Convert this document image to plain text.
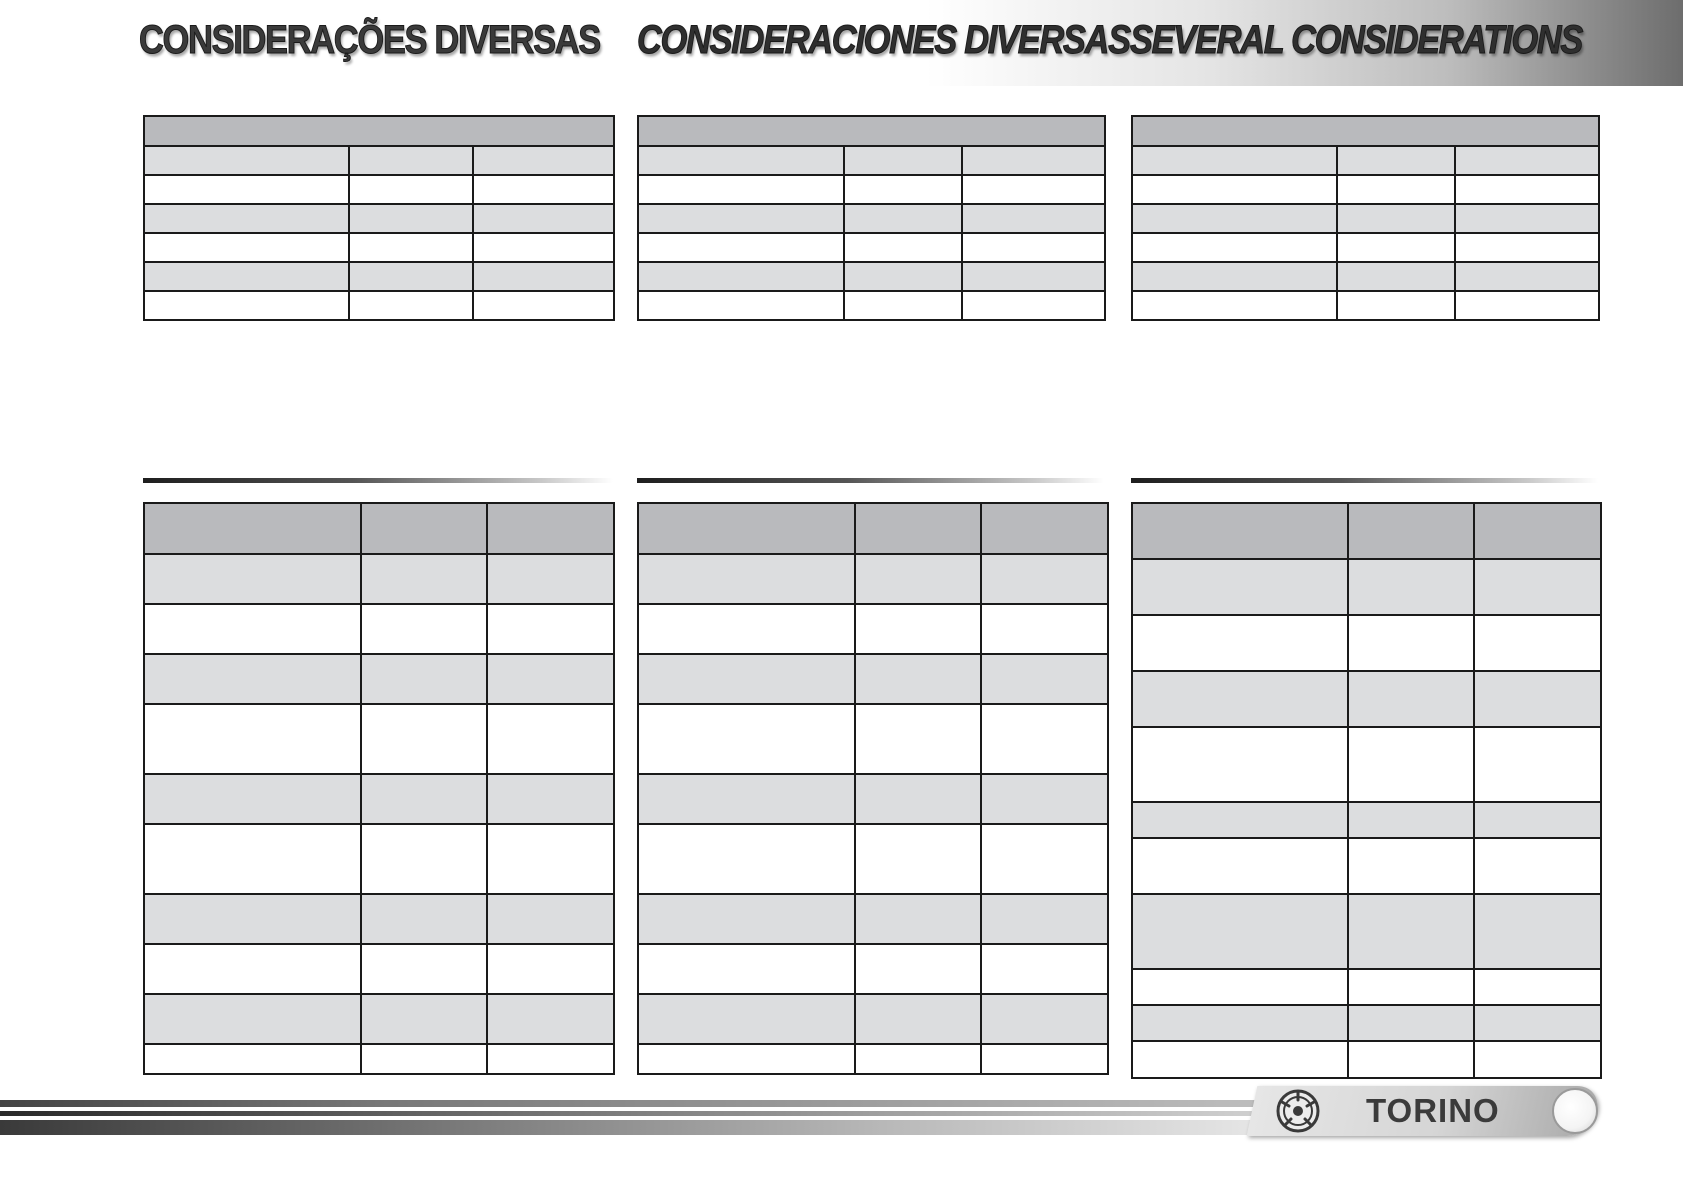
CONSIDERAÇÕES DIVERSAS CONSIDERACIONES DIVERSAS SEVERAL CONSIDERATIONS

TORINO
